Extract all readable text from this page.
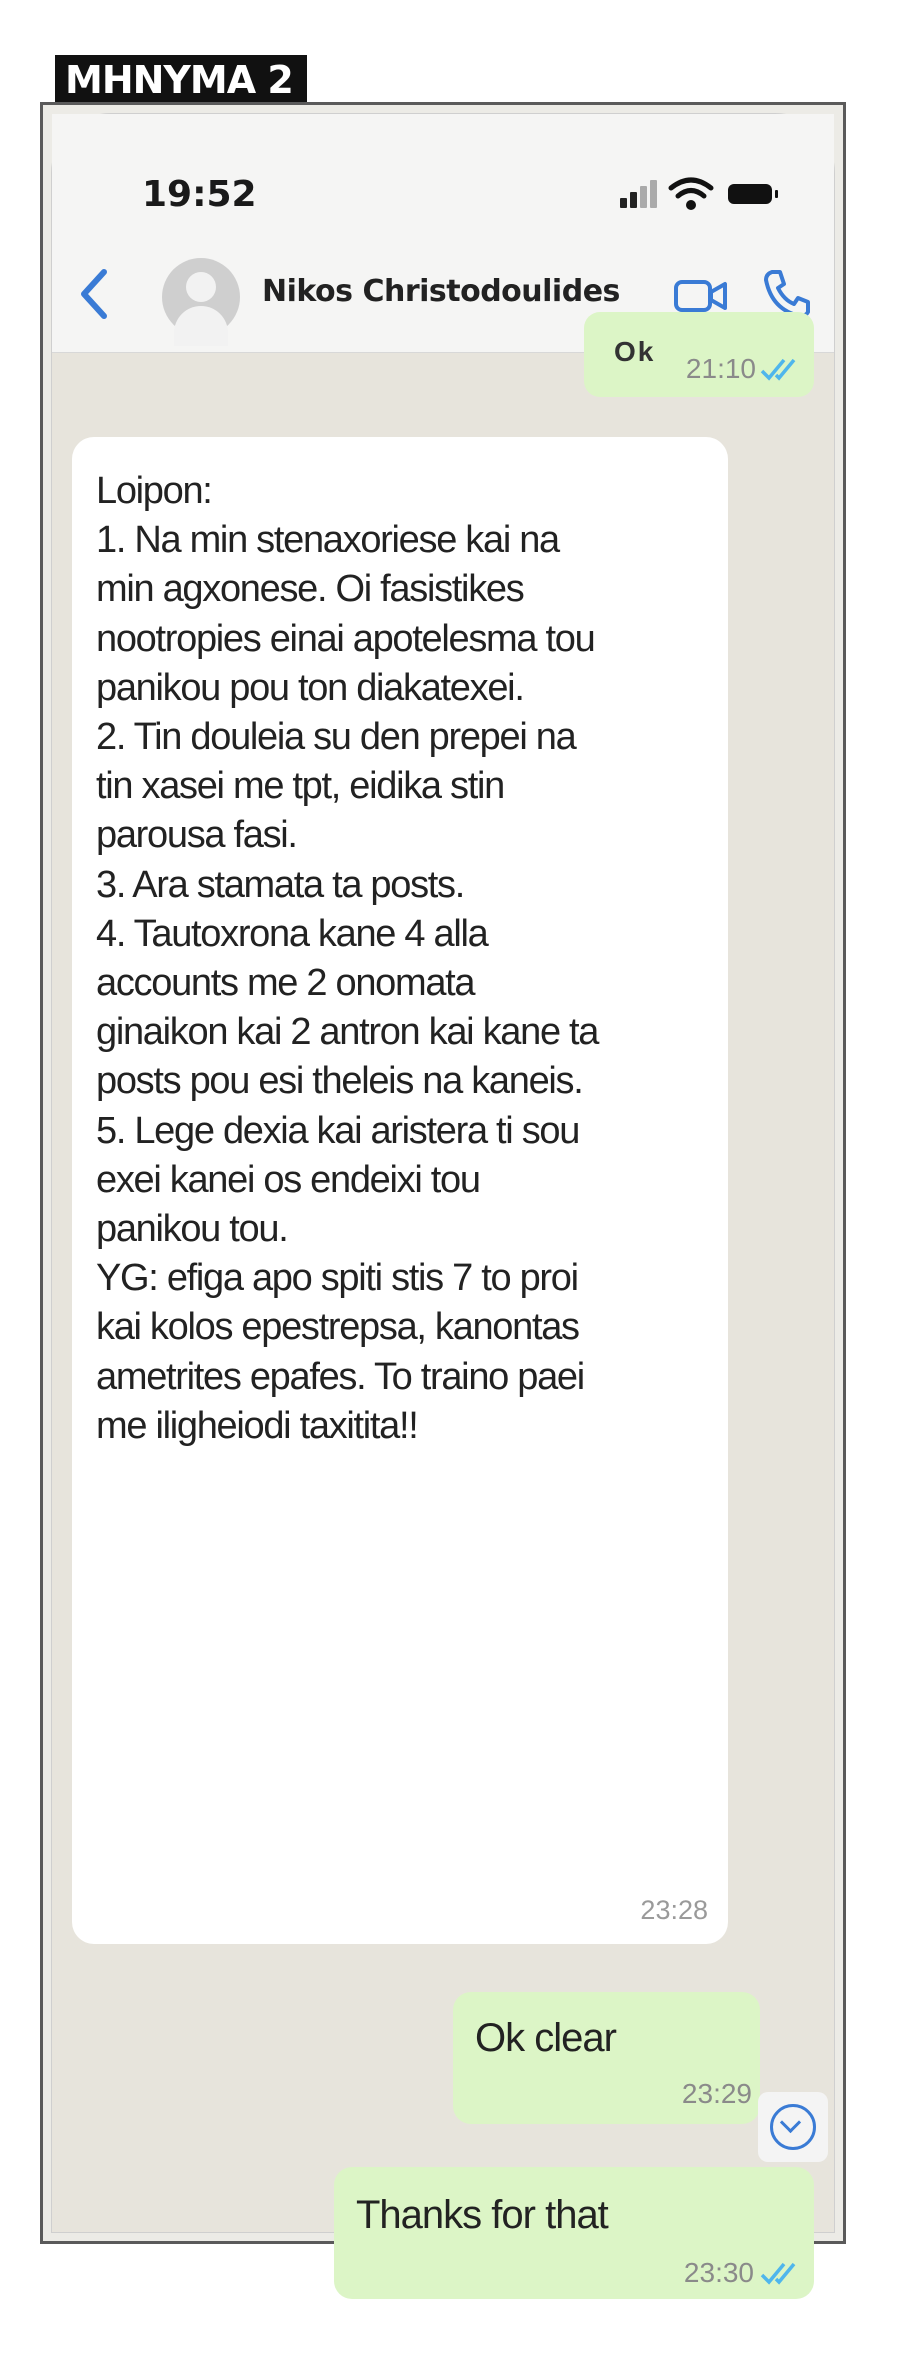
MHNYMA 2
19:52
Nikos Christodoulides
Ok
21:10
Loipon:
1. Na min stenaxoriese kai na
min agxonese. Oi fasistikes
nootropies einai apotelesma tou
panikou pou ton diakatexei.
2. Tin douleia su den prepei na
tin xasei me tpt, eidika stin
parousa fasi.
3. Ara stamata ta posts.
4. Tautoxrona kane 4 alla
accounts me 2 onomata
ginaikon kai 2 antron kai kane ta
posts pou esi theleis na kaneis.
5. Lege dexia kai aristera ti sou
exei kanei os endeixi tou
panikou tou.
YG: efiga apo spiti stis 7 to proi
kai kolos epestrepsa, kanontas
ametrites epafes. To traino paei
me iligheiodi taxitita!!
23:28
Ok clear
23:29
Thanks for that
23:30
